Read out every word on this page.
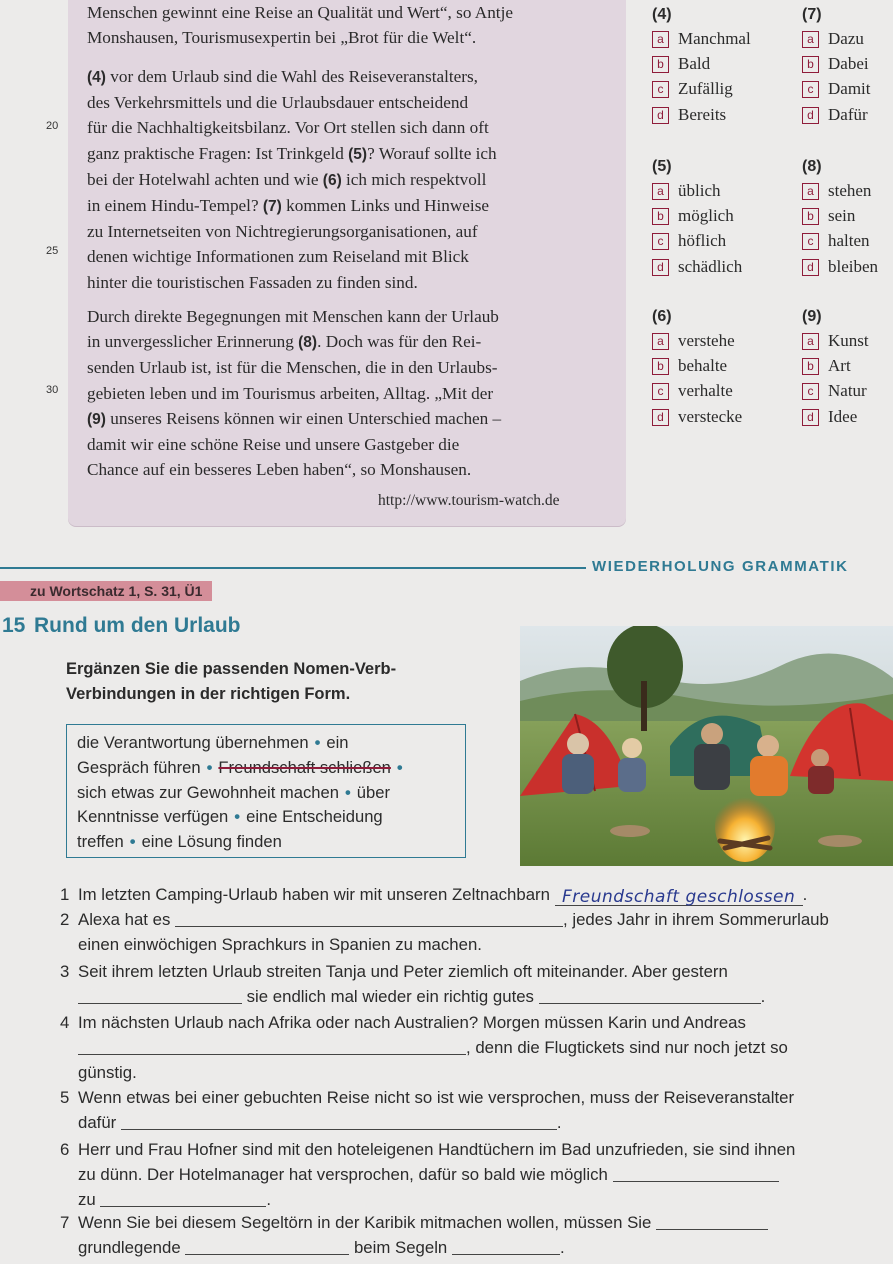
Menschen gewinnt eine Reise an Qualität und Wert“, so Antje
Monshausen, Tourismusexpertin bei „Brot für die Welt“.
(4) vor dem Urlaub sind die Wahl des Reiseveranstalters,
des Verkehrsmittels und die Urlaubsdauer entscheidend
für die Nachhaltigkeitsbilanz. Vor Ort stellen sich dann oft
ganz praktische Fragen: Ist Trinkgeld (5)? Worauf sollte ich
bei der Hotelwahl achten und wie (6) ich mich respektvoll
in einem Hindu-Tempel? (7) kommen Links und Hinweise
zu Internetseiten von Nichtregierungsorganisationen, auf
denen wichtige Informationen zum Reiseland mit Blick
hinter die touristischen Fassaden zu finden sind.
Durch direkte Begegnungen mit Menschen kann der Urlaub
in unvergesslicher Erinnerung (8). Doch was für den Rei-
senden Urlaub ist, ist für die Menschen, die in den Urlaubs-
gebieten leben und im Tourismus arbeiten, Alltag. „Mit der
(9) unseres Reisens können wir einen Unterschied machen –
damit wir eine schöne Reise und unsere Gastgeber die
Chance auf ein besseres Leben haben“, so Monshausen.
20
25
30
http://www.tourism-watch.de
(4)
a Manchmal
b Bald
c Zufällig
d Bereits
(7)
a Dazu
b Dabei
c Damit
d Dafür
(5)
a üblich
b möglich
c höflich
d schädlich
(8)
a stehen
b sein
c halten
d bleiben
(6)
a verstehe
b behalte
c verhalte
d verstecke
(9)
a Kunst
b Art
c Natur
d Idee
WIEDERHOLUNG GRAMMATIK
zu Wortschatz 1, S. 31, Ü1
15 Rund um den Urlaub
Ergänzen Sie die passenden Nomen-Verb-
Verbindungen in der richtigen Form.
die Verantwortung übernehmen • ein
Gespräch führen • Freundschaft schließen •
sich etwas zur Gewohnheit machen • über
Kenntnisse verfügen • eine Entscheidung
treffen • eine Lösung finden
1 Im letzten Camping-Urlaub haben wir mit unseren Zeltnachbarn Freundschaft geschlossen .
2 Alexa hat es	, jedes Jahr in ihrem Sommerurlaub
einen einwöchigen Sprachkurs in Spanien zu machen.
3 Seit ihrem letzten Urlaub streiten Tanja und Peter ziemlich oft miteinander. Aber gestern
sie endlich mal wieder ein richtig gutes	.
4 Im nächsten Urlaub nach Afrika oder nach Australien? Morgen müssen Karin und Andreas
, denn die Flugtickets sind nur noch jetzt so
günstig.
5 Wenn etwas bei einer gebuchten Reise nicht so ist wie versprochen, muss der Reiseveranstalter
dafür	.
6 Herr und Frau Hofner sind mit den hoteleigenen Handtüchern im Bad unzufrieden, sie sind ihnen
zu dünn. Der Hotelmanager hat versprochen, dafür so bald wie möglich
zu	.
7 Wenn Sie bei diesem Segeltörn in der Karibik mitmachen wollen, müssen Sie
grundlegende	beim Segeln	.
